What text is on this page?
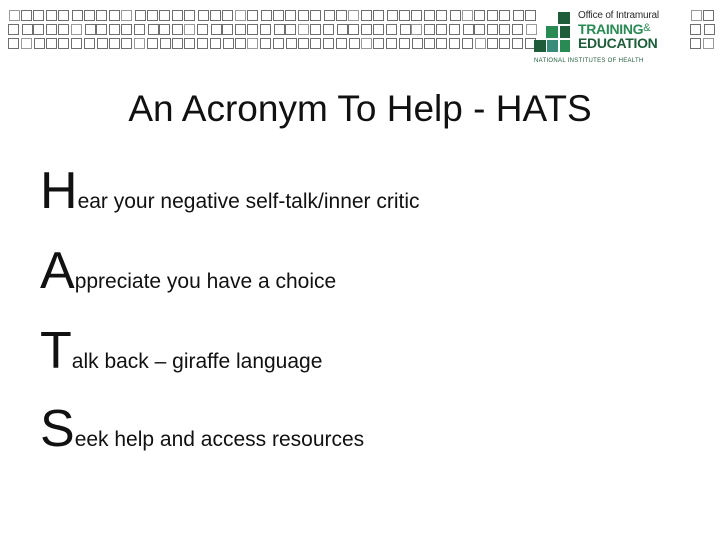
Office of Intramural
TRAINING&
EDUCATION
NATIONAL INSTITUTES OF HEALTH
An Acronym To Help - HATS
Hear your negative self-talk/inner critic
Appreciate you have a choice
Talk back – giraffe language
Seek help and access resources
